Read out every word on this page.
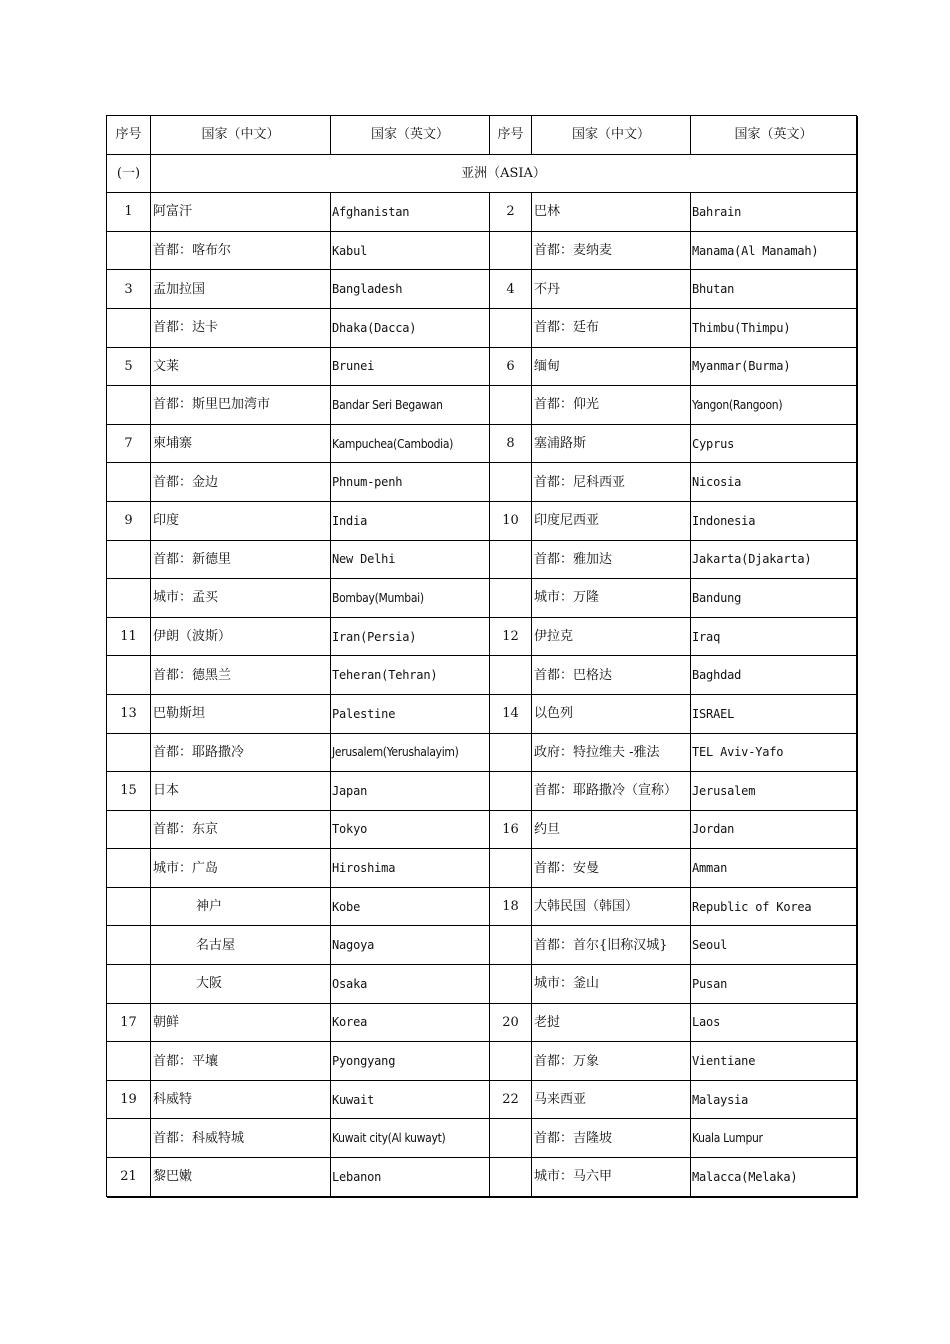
序号	国家（中文）	国家（英文）	序号	国家（中文）	国家（英文）
(一)	亚洲（ASIA）				
1	阿富汗	Afghanistan	2	巴林	Bahrain
	首都：喀布尔	Kabul		首都：麦纳麦	Manama(Al Manamah)
3	孟加拉国	Bangladesh	4	不丹	Bhutan
	首都：达卡	Dhaka(Dacca)		首都：廷布	Thimbu(Thimpu)
5	文莱	Brunei	6	缅甸	Myanmar(Burma)
	首都：斯里巴加湾市	Bandar Seri Begawan		首都：仰光	Yangon(Rangoon)
7	柬埔寨	Kampuchea(Cambodia)	8	塞浦路斯	Cyprus
	首都：金边	Phnum-penh		首都：尼科西亚	Nicosia
9	印度	India	10	印度尼西亚	Indonesia
	首都：新德里	New Delhi		首都：雅加达	Jakarta(Djakarta)
	城市：孟买	Bombay(Mumbai)		城市：万隆	Bandung
11	伊朗（波斯）	Iran(Persia)	12	伊拉克	Iraq
	首都：德黑兰	Teheran(Tehran)		首都：巴格达	Baghdad
13	巴勒斯坦	Palestine	14	以色列	ISRAEL
	首都：耶路撒冷	Jerusalem(Yerushalayim)		政府：特拉维夫 -雅法	TEL Aviv-Yafo
15	日本	Japan		首都：耶路撒冷（宣称）	Jerusalem
	首都：东京	Tokyo	16	约旦	Jordan
	城市：广岛	Hiroshima		首都：安曼	Amman
	神户	Kobe	18	大韩民国（韩国）	Republic of Korea
	名古屋	Nagoya		首都：首尔{旧称汉城}	Seoul
	大阪	Osaka		城市：釜山	Pusan
17	朝鲜	Korea	20	老挝	Laos
	首都：平壤	Pyongyang		首都：万象	Vientiane
19	科威特	Kuwait	22	马来西亚	Malaysia
	首都：科威特城	Kuwait city(Al kuwayt)		首都：吉隆坡	Kuala Lumpur
21	黎巴嫩	Lebanon		城市：马六甲	Malacca(Melaka)
